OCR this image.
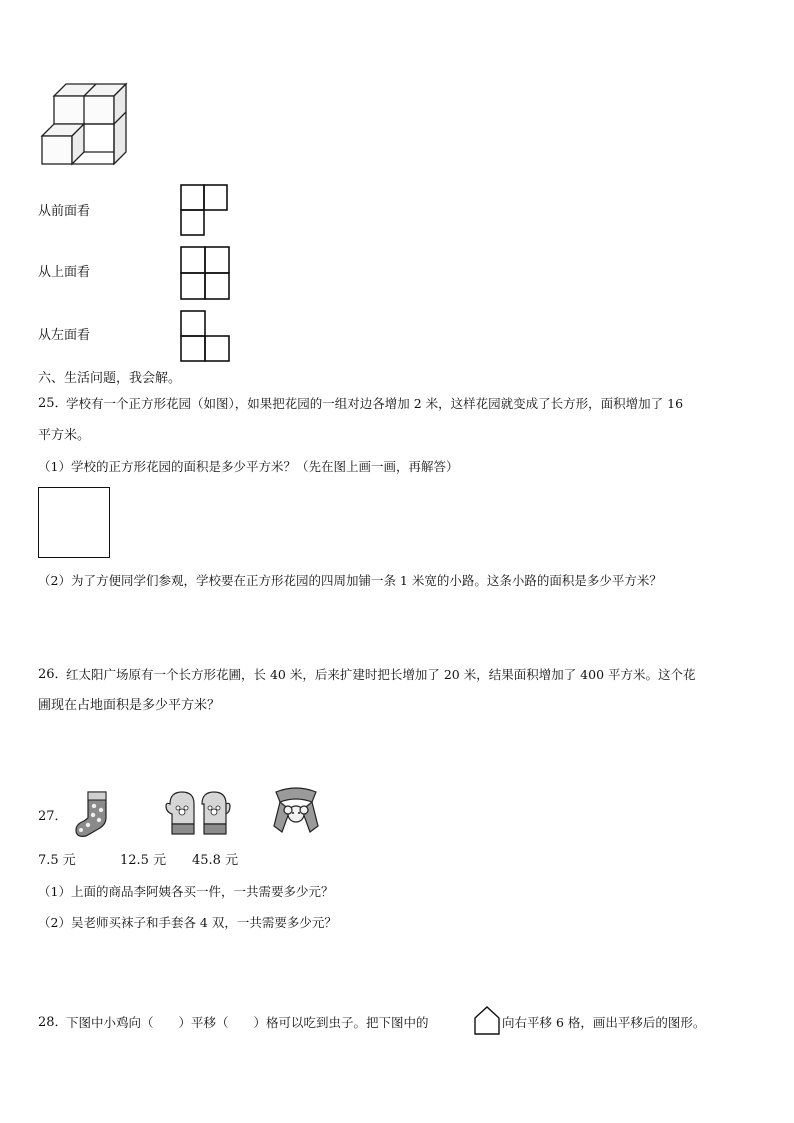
从前面看
从上面看
从左面看
六、生活问题，我会解。
25．
学校有一个正方形花园（如图），如果把花园的一组对边各增加 2 米，这样花园就变成了长方形，面积增加了 16
平方米。
（1）学校的正方形花园的面积是多少平方米？（先在图上画一画，再解答）
（2）为了方便同学们参观，学校要在正方形花园的四周加铺一条 1 米宽的小路。这条小路的面积是多少平方米？
26．
红太阳广场原有一个长方形花圃，长 40 米，后来扩建时把长增加了 20 米，结果面积增加了 400 平方米。这个花
圃现在占地面积是多少平方米？
27．
7.5 元	12.5 元 45.8 元
（1）上面的商品李阿姨各买一件，一共需要多少元？
（2）吴老师买袜子和手套各 4 双，一共需要多少元？
28．
下图中小鸡向（　　）平移（　　）格可以吃到虫子。把下图中的	向右平移 6 格，画出平移后的图形。
